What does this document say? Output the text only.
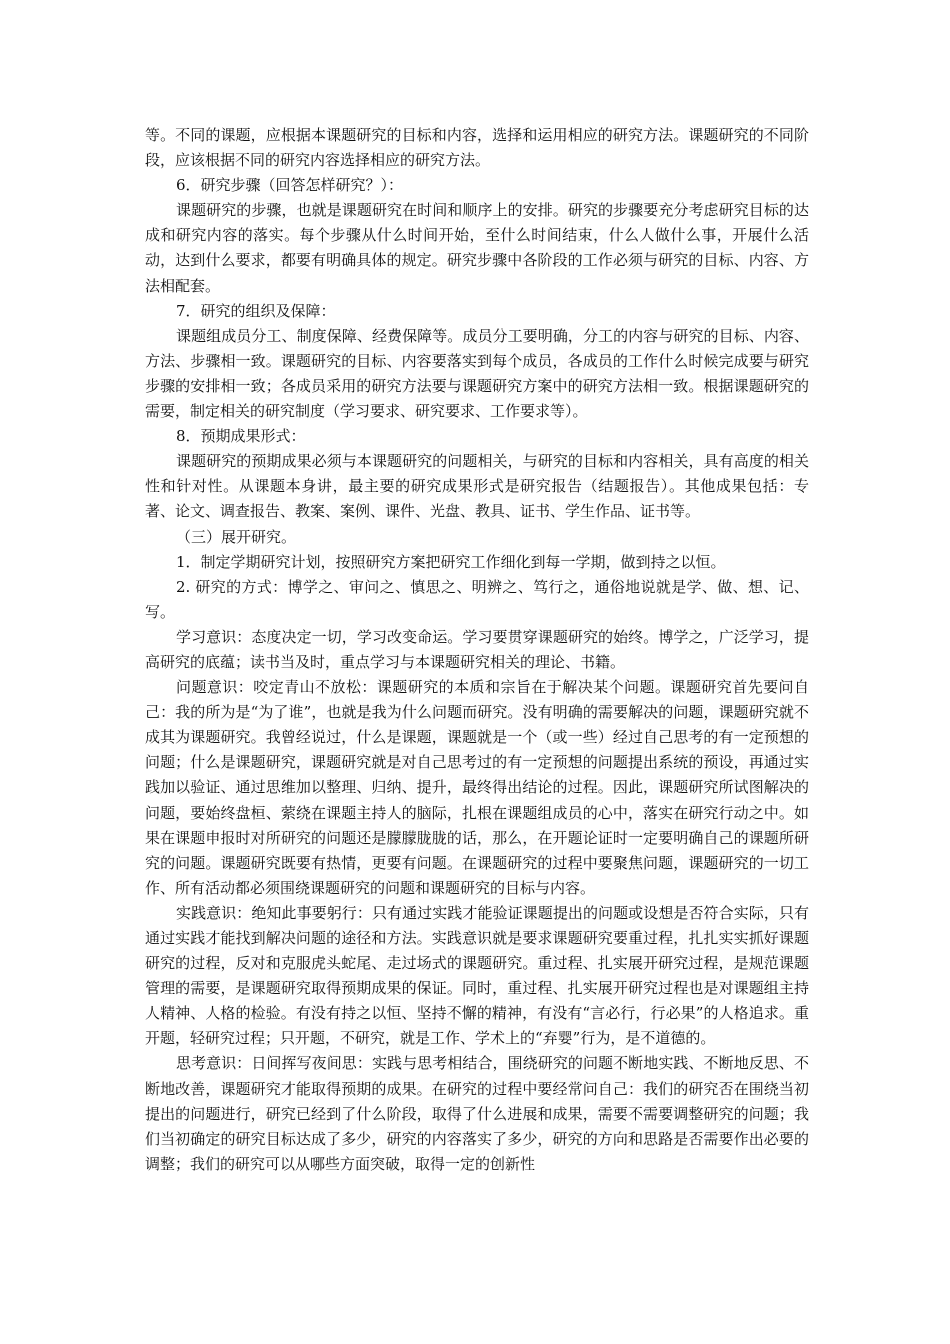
等。不同的课题，应根据本课题研究的目标和内容，选择和运用相应的研究方法。课题研究的不同阶段，应该根据不同的研究内容选择相应的研究方法。

6．研究步骤（回答怎样研究？）：

课题研究的步骤，也就是课题研究在时间和顺序上的安排。研究的步骤要充分考虑研究目标的达成和研究内容的落实。每个步骤从什么时间开始，至什么时间结束，什么人做什么事，开展什么活动，达到什么要求，都要有明确具体的规定。研究步骤中各阶段的工作必须与研究的目标、内容、方法相配套。

7．研究的组织及保障：

课题组成员分工、制度保障、经费保障等。成员分工要明确，分工的内容与研究的目标、内容、方法、步骤相一致。课题研究的目标、内容要落实到每个成员，各成员的工作什么时候完成要与研究步骤的安排相一致；各成员采用的研究方法要与课题研究方案中的研究方法相一致。根据课题研究的需要，制定相关的研究制度（学习要求、研究要求、工作要求等）。

8．预期成果形式：

课题研究的预期成果必须与本课题研究的问题相关，与研究的目标和内容相关，具有高度的相关性和针对性。从课题本身讲，最主要的研究成果形式是研究报告（结题报告）。其他成果包括：专著、论文、调查报告、教案、案例、课件、光盘、教具、证书、学生作品、证书等。

（三）展开研究。

1．制定学期研究计划，按照研究方案把研究工作细化到每一学期，做到持之以恒。

2. 研究的方式：博学之、审问之、慎思之、明辨之、笃行之，通俗地说就是学、做、想、记、写。

学习意识：态度决定一切，学习改变命运。学习要贯穿课题研究的始终。博学之，广泛学习，提高研究的底蕴；读书当及时，重点学习与本课题研究相关的理论、书籍。

问题意识：咬定青山不放松：课题研究的本质和宗旨在于解决某个问题。课题研究首先要问自己：我的所为是“为了谁”，也就是我为什么问题而研究。没有明确的需要解决的问题，课题研究就不成其为课题研究。我曾经说过，什么是课题，课题就是一个（或一些）经过自己思考的有一定预想的问题；什么是课题研究，课题研究就是对自己思考过的有一定预想的问题提出系统的预设，再通过实践加以验证、通过思维加以整理、归纳、提升，最终得出结论的过程。因此，课题研究所试图解决的问题，要始终盘桓、萦绕在课题主持人的脑际，扎根在课题组成员的心中，落实在研究行动之中。如果在课题申报时对所研究的问题还是朦朦胧胧的话，那么，在开题论证时一定要明确自己的课题所研究的问题。课题研究既要有热情，更要有问题。在课题研究的过程中要聚焦问题，课题研究的一切工作、所有活动都必须围绕课题研究的问题和课题研究的目标与内容。

实践意识：绝知此事要躬行：只有通过实践才能验证课题提出的问题或设想是否符合实际，只有通过实践才能找到解决问题的途径和方法。实践意识就是要求课题研究要重过程，扎扎实实抓好课题研究的过程，反对和克服虎头蛇尾、走过场式的课题研究。重过程、扎实展开研究过程，是规范课题管理的需要，是课题研究取得预期成果的保证。同时，重过程、扎实展开研究过程也是对课题组主持人精神、人格的检验。有没有持之以恒、坚持不懈的精神，有没有“言必行，行必果”的人格追求。重开题，轻研究过程；只开题，不研究，就是工作、学术上的“弃婴”行为，是不道德的。

思考意识：日间挥写夜间思：实践与思考相结合，围绕研究的问题不断地实践、不断地反思、不断地改善，课题研究才能取得预期的成果。在研究的过程中要经常问自己：我们的研究否在围绕当初提出的问题进行，研究已经到了什么阶段，取得了什么进展和成果，需要不需要调整研究的问题；我们当初确定的研究目标达成了多少，研究的内容落实了多少，研究的方向和思路是否需要作出必要的调整；我们的研究可以从哪些方面突破，取得一定的创新性
